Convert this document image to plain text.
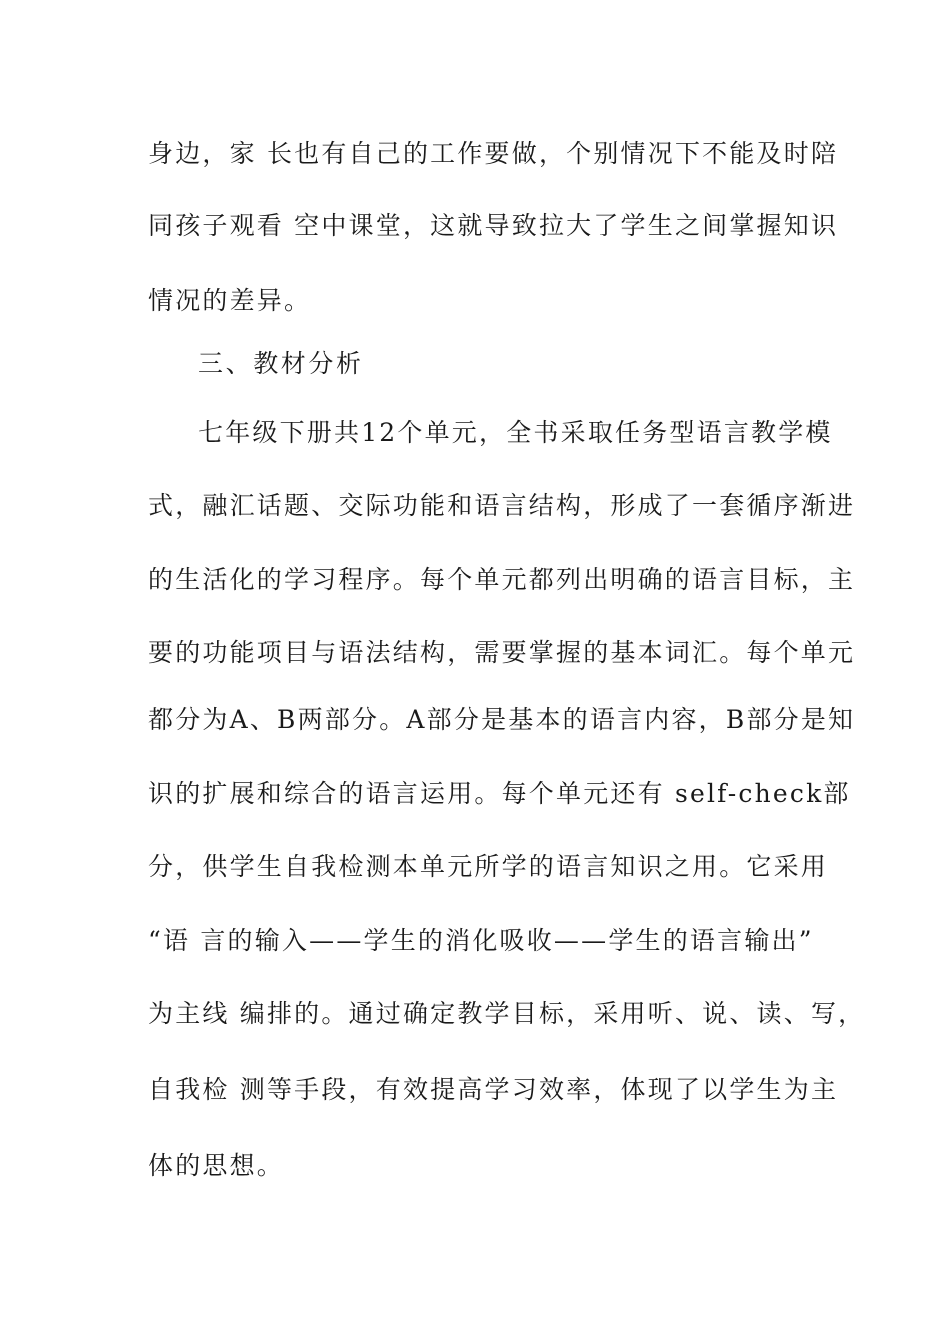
身边，家 长也有自己的工作要做，个别情况下不能及时陪
同孩子观看 空中课堂，这就导致拉大了学生之间掌握知识
情况的差异。
三、教材分析
七年级下册共12个单元，全书采取任务型语言教学模
式，融汇话题、交际功能和语言结构，形成了一套循序渐进
的生活化的学习程序。每个单元都列出明确的语言目标，主
要的功能项目与语法结构，需要掌握的基本词汇。每个单元
都分为A、B两部分。A部分是基本的语言内容，B部分是知
识的扩展和综合的语言运用。每个单元还有 self-check部
分，供学生自我检测本单元所学的语言知识之用。它采用
“语 言的输入——学生的消化吸收——学生的语言输出”
为主线 编排的。通过确定教学目标，采用听、说、读、写，
自我检 测等手段，有效提高学习效率，体现了以学生为主
体的思想。
